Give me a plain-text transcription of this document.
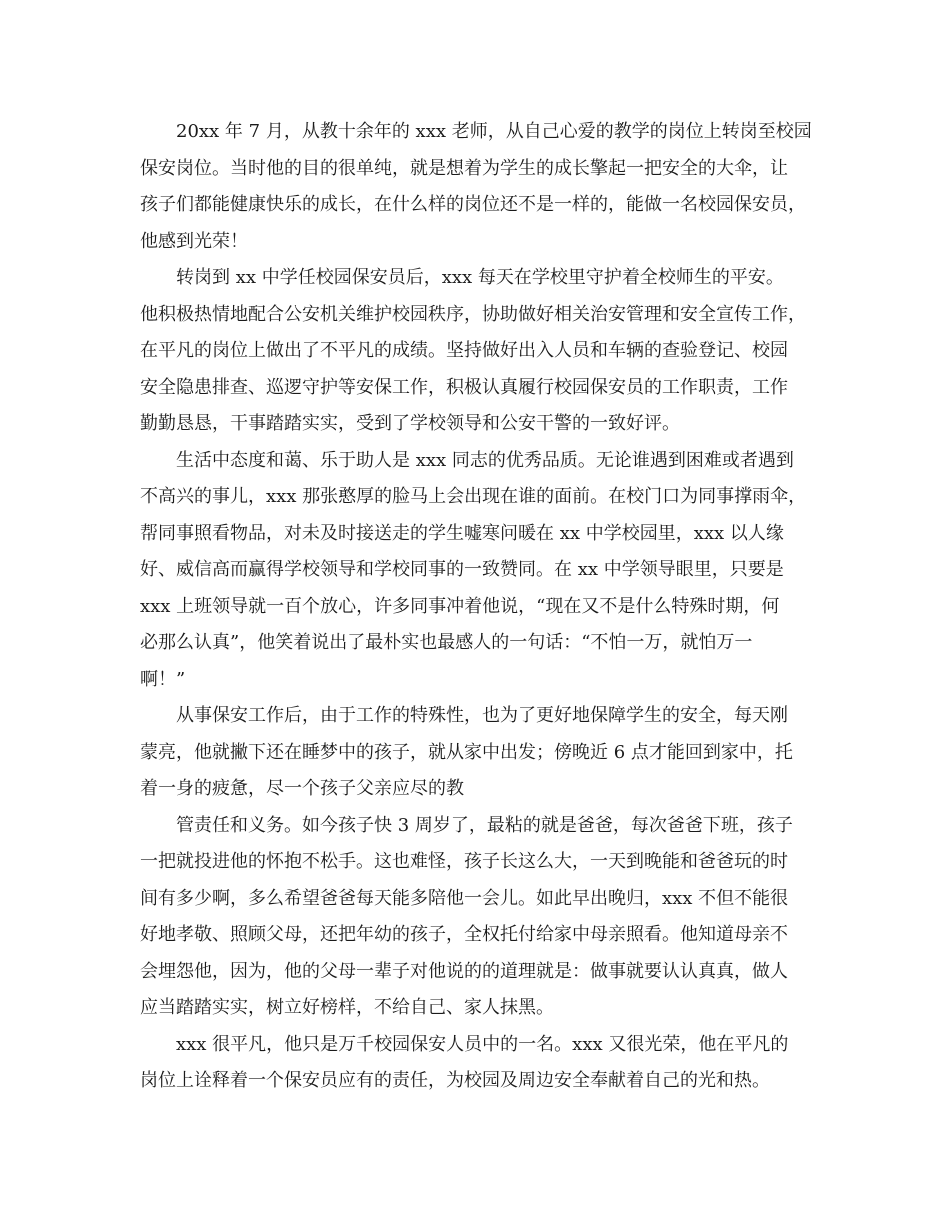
20xx 年 7 月，从教十余年的 xxx 老师，从自己心爱的教学的岗位上转岗至校园
保安岗位。当时他的目的很单纯，就是想着为学生的成长擎起一把安全的大伞，让
孩子们都能健康快乐的成长，在什么样的岗位还不是一样的，能做一名校园保安员，
他感到光荣！
转岗到 xx 中学任校园保安员后，xxx 每天在学校里守护着全校师生的平安。
他积极热情地配合公安机关维护校园秩序，协助做好相关治安管理和安全宣传工作，
在平凡的岗位上做出了不平凡的成绩。坚持做好出入人员和车辆的查验登记、校园
安全隐患排查、巡逻守护等安保工作，积极认真履行校园保安员的工作职责，工作
勤勤恳恳，干事踏踏实实，受到了学校领导和公安干警的一致好评。
生活中态度和蔼、乐于助人是 xxx 同志的优秀品质。无论谁遇到困难或者遇到
不高兴的事儿，xxx 那张憨厚的脸马上会出现在谁的面前。在校门口为同事撑雨伞，
帮同事照看物品，对未及时接送走的学生嘘寒问暖在 xx 中学校园里，xxx 以人缘
好、威信高而赢得学校领导和学校同事的一致赞同。在 xx 中学领导眼里，只要是
xxx 上班领导就一百个放心，许多同事冲着他说，“现在又不是什么特殊时期，何
必那么认真”，他笑着说出了最朴实也最感人的一句话：“不怕一万，就怕万一
啊！”
从事保安工作后，由于工作的特殊性，也为了更好地保障学生的安全，每天刚
蒙亮，他就撇下还在睡梦中的孩子，就从家中出发；傍晚近 6 点才能回到家中，托
着一身的疲惫，尽一个孩子父亲应尽的教
管责任和义务。如今孩子快 3 周岁了，最粘的就是爸爸，每次爸爸下班，孩子
一把就投进他的怀抱不松手。这也难怪，孩子长这么大，一天到晚能和爸爸玩的时
间有多少啊，多么希望爸爸每天能多陪他一会儿。如此早出晚归，xxx 不但不能很
好地孝敬、照顾父母，还把年幼的孩子，全权托付给家中母亲照看。他知道母亲不
会埋怨他，因为，他的父母一辈子对他说的的道理就是：做事就要认认真真，做人
应当踏踏实实，树立好榜样，不给自己、家人抹黑。
xxx 很平凡，他只是万千校园保安人员中的一名。xxx 又很光荣，他在平凡的
岗位上诠释着一个保安员应有的责任，为校园及周边安全奉献着自己的光和热。
